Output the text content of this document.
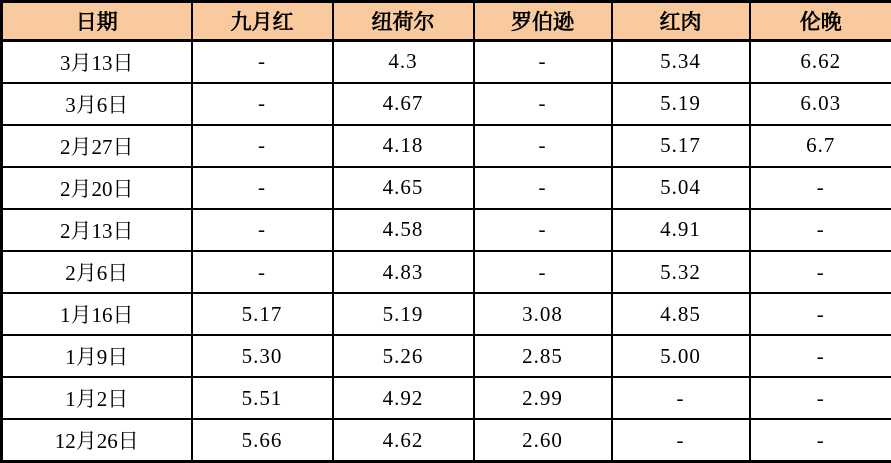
日期	九月红	纽荷尔	罗伯逊	红肉	伦晚
3月13日	-	4.3	-	5.34	6.62
3月6日	-	4.67	-	5.19	6.03
2月27日	-	4.18	-	5.17	6.7
2月20日	-	4.65	-	5.04	-
2月13日	-	4.58	-	4.91	-
2月6日	-	4.83	-	5.32	-
1月16日	5.17	5.19	3.08	4.85	-
1月9日	5.30	5.26	2.85	5.00	-
1月2日	5.51	4.92	2.99	-	-
12月26日	5.66	4.62	2.60	-	-
